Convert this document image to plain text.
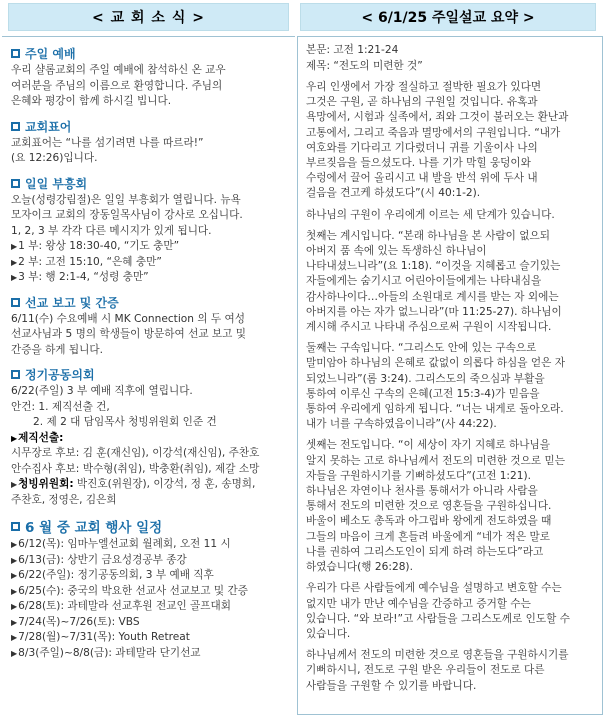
< 교 회 소 식 >	< 6/1/25 주일설교 요약 >
주일 예배

우리 샬롬교회의 주일 예배에 참석하신 온 교우

여러분을 주님의 이름으로 환영합니다. 주님의

은혜와 평강이 함께 하시길 빕니다.

교회표어

교회표어는 “나를 섬기려면 나를 따르라!”

(요 12:26)입니다.

일일 부흥회

오늘(성령강림절)은 일일 부흥회가 열립니다. 뉴욕

모자이크 교회의 장동일목사님이 강사로 오십니다.

1, 2, 3 부 각각 다른 메시지가 있게 됩니다.

▶ 1 부: 왕상 18:30-40, “기도 충만”

▶ 2 부: 고전 15:10, “은혜 충만”

▶ 3 부: 행 2:1-4, “성령 충만”

선교 보고 및 간증

6/11(수) 수요예배 시 MK Connection 의 두 여성

선교사님과 5 명의 학생들이 방문하여 선교 보고 및

간증을 하게 됩니다.

정기공동의회

6/22(주일) 3 부 예배 직후에 열립니다.

안건: 1. 제직선출 건,

2. 제 2 대 담임목사 청빙위원회 인준 건

▶ 제직선출:

시무장로 후보: 김 훈(재신임), 이강석(재신임), 주찬호

안수집사 후보: 박수형(취임), 박충환(취임), 제갈 소망

▶ 청빙위원회: 박진호(위원장), 이강석, 정 훈, 송명희,

주찬호, 정영은, 김은희

6 월 중 교회 행사 일정

▶ 6/12(목): 임마누엘선교회 월례회, 오전 11 시

▶ 6/13(금): 상반기 금요성경공부 종강

▶ 6/22(주일): 정기공동의회, 3 부 예배 직후

▶ 6/25(수): 중국의 박요한 선교사 선교보고 및 간증

▶ 6/28(토): 과테말라 선교후원 전교인 골프대회

▶ 7/24(목)~7/26(토): VBS

▶ 7/28(월)~7/31(목): Youth Retreat

▶ 8/3(주일)~8/8(금): 과테말라 단기선교

본문: 고전 1:21-24
제목: “전도의 미련한 것”

우리 인생에서 가장 절실하고 절박한 필요가 있다면
그것은 구원, 곧 하나님의 구원일 것입니다. 유혹과
욕망에서, 시험과 실족에서, 죄와 그것이 불러오는 환난과
고통에서, 그리고 죽음과 멸망에서의 구원입니다. “내가
여호와를 기다리고 기다렸더니 귀를 기울이사 나의
부르짖음을 들으셨도다. 나를 기가 막힐 웅덩이와
수렁에서 끌어 올리시고 내 발을 반석 위에 두사 내
걸음을 견고케 하셨도다”(시 40:1-2).

하나님의 구원이 우리에게 이르는 세 단계가 있습니다.

첫째는 계시입니다. “본래 하나님을 본 사람이 없으되
아버지 품 속에 있는 독생하신 하나님이
나타내셨느니라”(요 1:18). “이것을 지혜롭고 슬기있는
자들에게는 숨기시고 어린아이들에게는 나타내심을
감사하나이다…아들의 소원대로 계시를 받는 자 외에는
아버지를 아는 자가 없느니라”(마 11:25-27). 하나님이
계시해 주시고 나타내 주심으로써 구원이 시작됩니다.

둘째는 구속입니다. “그리스도 안에 있는 구속으로
말미암아 하나님의 은혜로 값없이 의롭다 하심을 얻은 자
되었느니라”(롬 3:24). 그리스도의 죽으심과 부활을
통하여 이루신 구속의 은혜(고전 15:3-4)가 믿음을
통하여 우리에게 임하게 됩니다. “너는 내게로 돌아오라.
내가 너를 구속하였음이니라”(사 44:22).

셋째는 전도입니다. “이 세상이 자기 지혜로 하나님을
알지 못하는 고로 하나님께서 전도의 미련한 것으로 믿는
자들을 구원하시기를 기뻐하셨도다”(고전 1:21).
하나님은 자연이나 천사를 통해서가 아니라 사람을
통해서 전도의 미련한 것으로 영혼들을 구원하십니다.
바울이 베소도 총독과 아그립바 왕에게 전도하였을 때
그들의 마음이 크게 흔들려 바울에게 “네가 적은 말로
나를 권하여 그리스도인이 되게 하려 하는도다”라고
하였습니다(행 26:28).

우리가 다른 사람들에게 예수님을 설명하고 변호할 수는
없지만 내가 만난 예수님을 간증하고 증거할 수는
있습니다. “와 보라!”고 사람들을 그리스도께로 인도할 수
있습니다.

하나님께서 전도의 미련한 것으로 영혼들을 구원하시기를
기뻐하시니, 전도로 구원 받은 우리들이 전도로 다른
사람들을 구원할 수 있기를 바랍니다.
